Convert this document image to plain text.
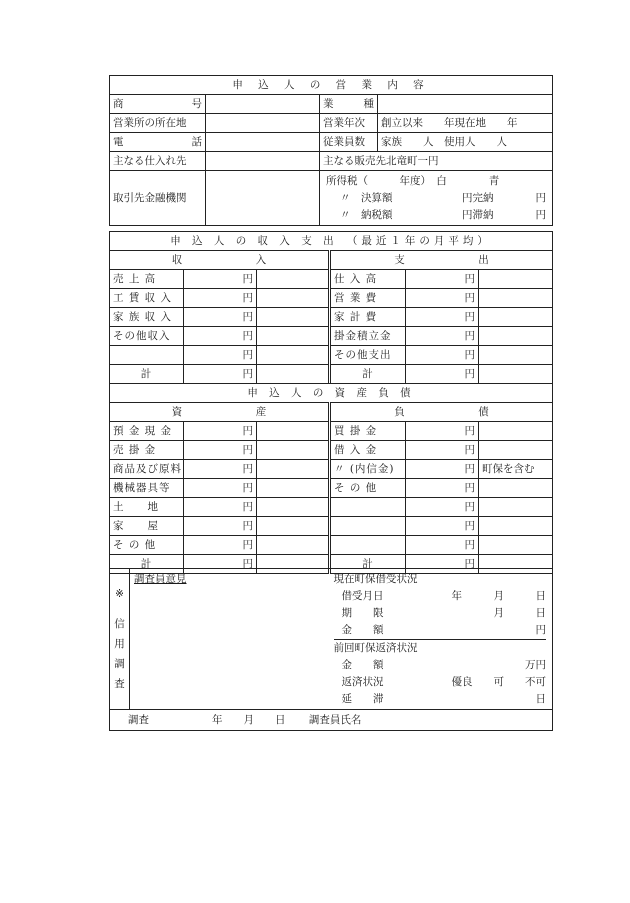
申 込 人 の 営 業 内 容			
商　　　　号		業　種	
営業所の所在地		営業年次	創立以来　　年現在地　　年
電　　　　話		従業員数	家族　　人　使用人　　人
主なる仕入れ先		主なる販売先北竜町一円	
取引先金融機関		所得税（　　　年度）　白　　　　青
〃　決算額 円完納　　　　円
〃　納税額 円滞納　　　　円	
申 込 人 の 収 入 支 出　（最近１年の月平均）					
収　　　　　　　入			支　　　　　　　出		
売 上 高	円		仕 入 高	円	
工 賃 収 入	円		営 業 費	円	
家 族 収 入	円		家 計 費	円	
その他収入	円		掛金積立金	円	
	円		その他支出	円	
計	円		計	円	
申 込 人 の 資 産 負 債					
資　　　　　　　産			負　　　　　　　債		
預 金 現 金	円		買 掛 金	円	
売 掛 金	円		借 入 金	円	
商品及び原料	円		〃 (内信金)	円	町保を含む
機械器具等	円		そ の 他	円	
土　　地	円			円	
家　　屋	円			円	
そ の 他	円			円	
計	円		計	円	
※
信
用
調
査
	調査員意見	現在町保借受状況
借受月日	年　　　月　　　日
期　　限	月　　　日
金　　額	円
前回町保返済状況
金　　額	万円
返済状況	優良　　可　　不可
延　　滞	日

調査　　　　　　年　　月　　日 調査員氏名
